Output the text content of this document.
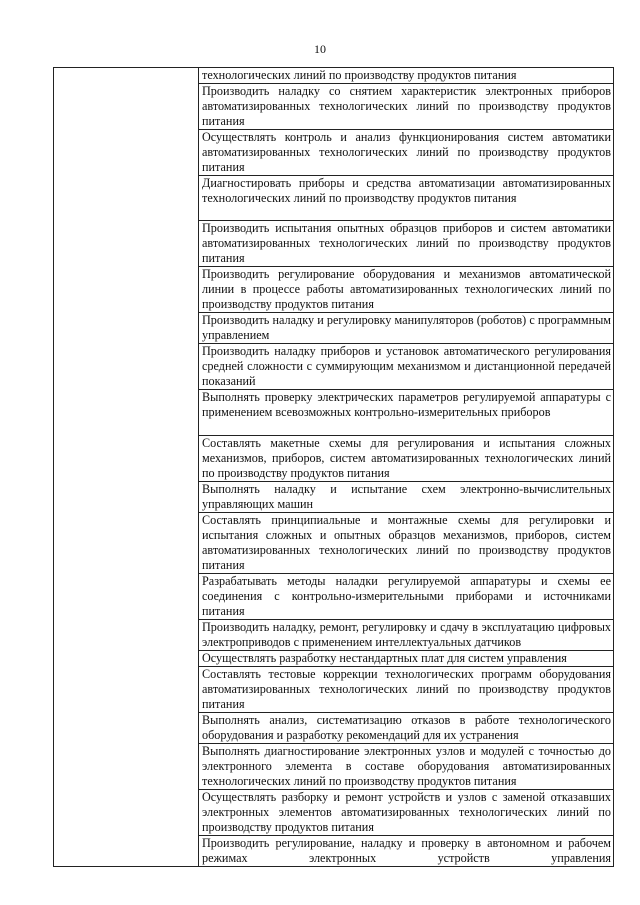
10
	технологических линий по производству продуктов питания
Производить наладку со снятием характеристик электронных приборов автоматизированных технологических линий по производству продуктов питания
Осуществлять контроль и анализ функционирования систем автоматики автоматизированных технологических линий по производству продуктов питания
Диагностировать приборы и средства автоматизации автоматизированных технологических линий по производству продуктов питания
Производить испытания опытных образцов приборов и систем автоматики автоматизированных технологических линий по производству продуктов питания
Производить регулирование оборудования и механизмов автоматической линии в процессе работы автоматизированных технологических линий по производству продуктов питания
Производить наладку и регулировку манипуляторов (роботов) с программным управлением
Производить наладку приборов и установок автоматического регулирования средней сложности с суммирующим механизмом и дистанционной передачей показаний
Выполнять проверку электрических параметров регулируемой аппаратуры с применением всевозможных контрольно-измерительных приборов
Составлять макетные схемы для регулирования и испытания сложных механизмов, приборов, систем автоматизированных технологических линий по производству продуктов питания
Выполнять наладку и испытание схем электронно-вычислительных управляющих машин
Составлять принципиальные и монтажные схемы для регулировки и испытания сложных и опытных образцов механизмов, приборов, систем автоматизированных технологических линий по производству продуктов питания
Разрабатывать методы наладки регулируемой аппаратуры и схемы ее соединения с контрольно-измерительными приборами и источниками питания
Производить наладку, ремонт, регулировку и сдачу в эксплуатацию цифровых электроприводов с применением интеллектуальных датчиков
Осуществлять разработку нестандартных плат для систем управления
Составлять тестовые коррекции технологических программ оборудования автоматизированных технологических линий по производству продуктов питания
Выполнять анализ, систематизацию отказов в работе технологического оборудования и разработку рекомендаций для их устранения
Выполнять диагностирование электронных узлов и модулей с точностью до электронного элемента в составе оборудования автоматизированных технологических линий по производству продуктов питания
Осуществлять разборку и ремонт устройств и узлов с заменой отказавших электронных элементов автоматизированных технологических линий по производству продуктов питания
Производить регулирование, наладку и проверку в автономном и рабочем режимах электронных устройств управления
